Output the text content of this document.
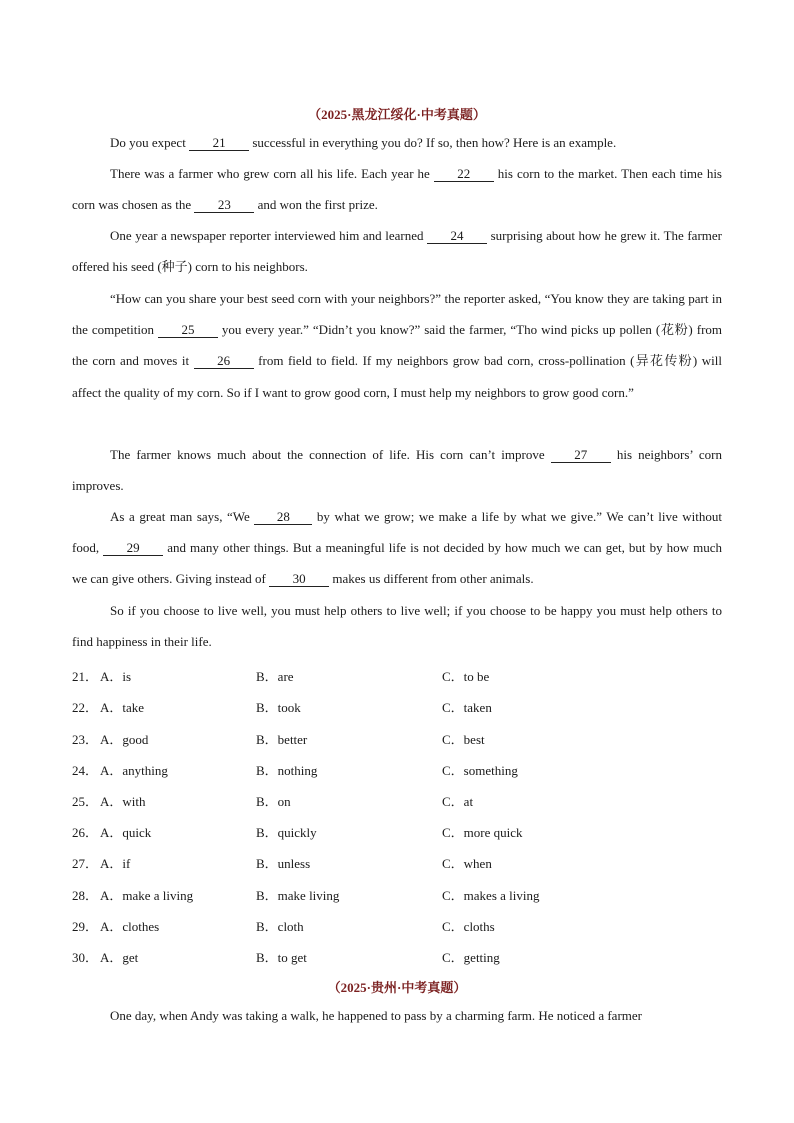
（2025·黑龙江绥化·中考真题）

Do you expect 21 successful in everything you do? If so, then how? Here is an example.

There was a farmer who grew corn all his life. Each year he 22 his corn to the market. Then each time his corn was chosen as the 23 and won the first prize.

One year a newspaper reporter interviewed him and learned 24 surprising about how he grew it. The farmer offered his seed (种子) corn to his neighbors.

“How can you share your best seed corn with your neighbors?” the reporter asked, “You know they are taking part in the competition 25 you every year.” “Didn’t you know?” said the farmer, “Tho wind picks up pollen (花粉) from the corn and moves it 26 from field to field. If my neighbors grow bad corn, cross-pollination (异花传粉) will affect the quality of my corn. So if I want to grow good corn, I must help my neighbors to grow good corn.”

The farmer knows much about the connection of life. His corn can’t improve 27 his neighbors’ corn improves.

As a great man says, “We 28 by what we grow; we make a life by what we give.” We can’t live without food, 29 and many other things. But a meaningful life is not decided by how much we can get, but by how much we can give others. Giving instead of 30 makes us different from other animals.

So if you choose to live well, you must help others to live well; if you choose to be happy you must help others to find happiness in their life.

21． A．is	B．are	C．to be
22． A．take	B．took	C．taken
23． A．good	B．better	C．best
24． A．anything	B．nothing	C．something
25． A．with	B．on	C．at
26． A．quick	B．quickly	C．more quick
27． A．if	B．unless	C．when
28． A．make a living	B．make living	C．makes a living
29． A．clothes	B．cloth	C．cloths
30． A．get	B．to get	C．getting
（2025·贵州·中考真题）

One day, when Andy was taking a walk, he happened to pass by a charming farm. He noticed a farmer
